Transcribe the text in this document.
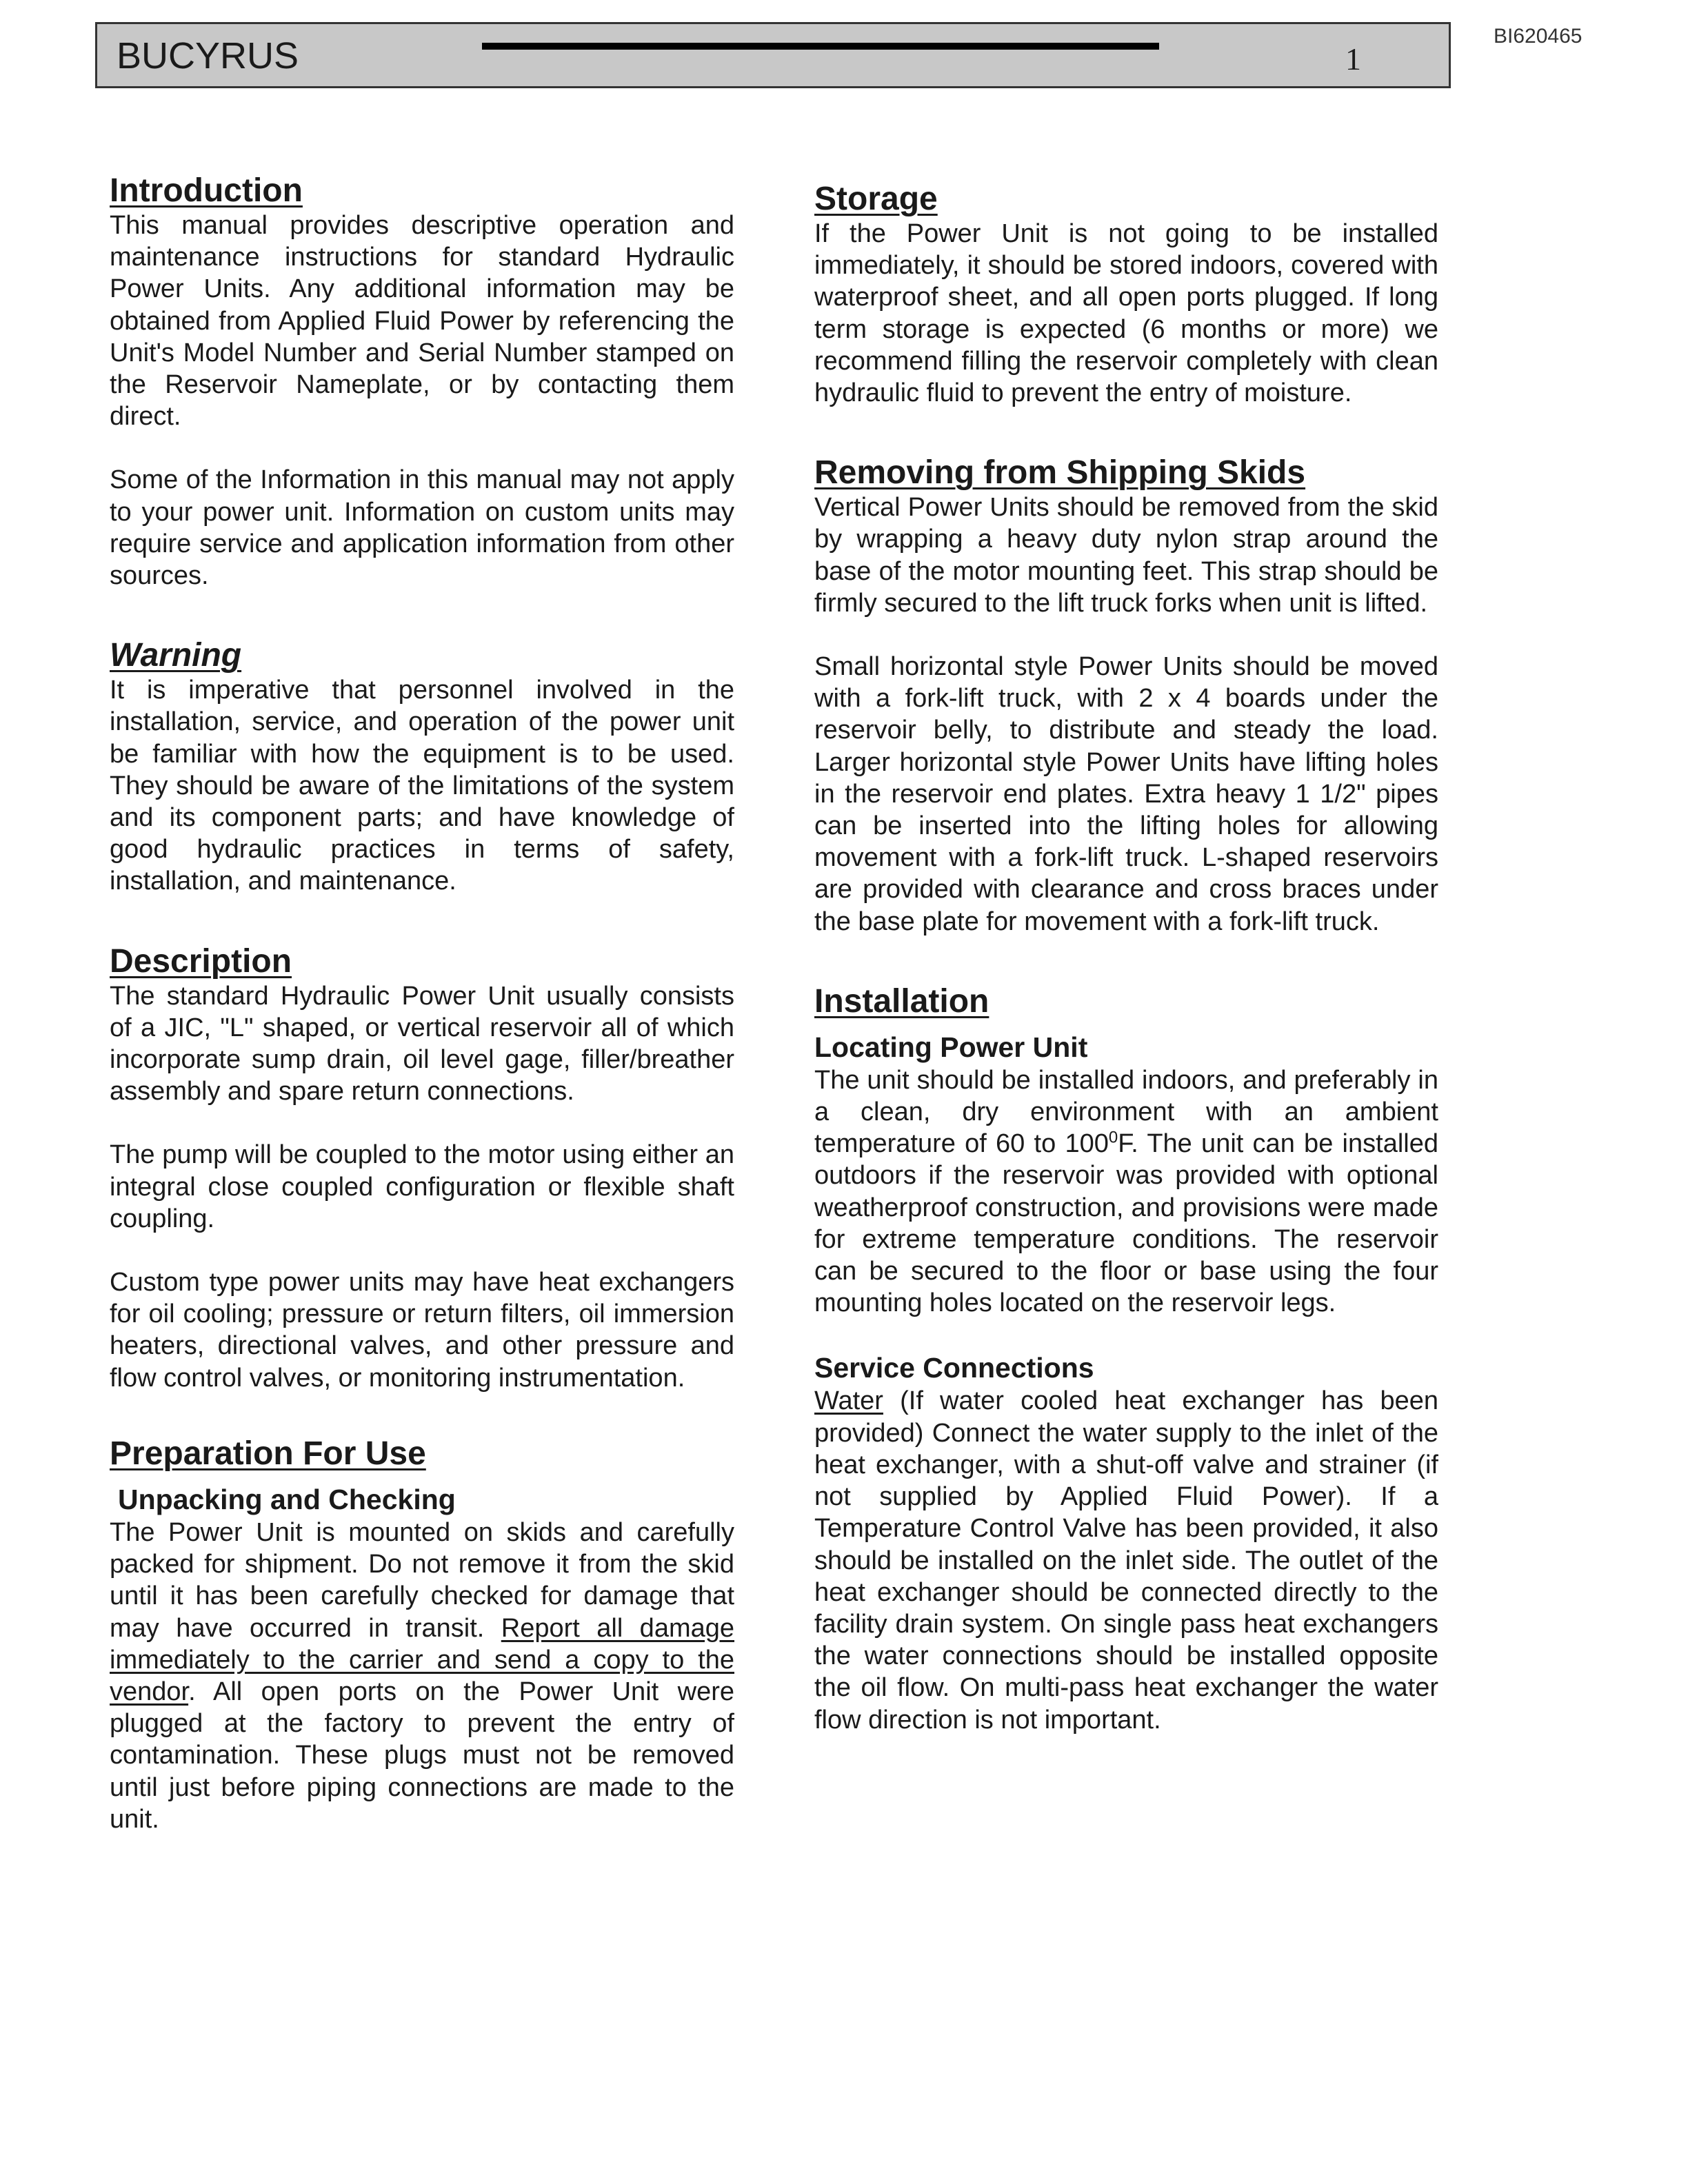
BUCYRUS	1
BI620465
Introduction

This manual provides descriptive operation and maintenance instructions for standard Hydraulic Power Units. Any additional information may be obtained from Applied Fluid Power by referencing the Unit's Model Number and Serial Number stamped on the Reservoir Nameplate, or by contacting them direct.

Some of the Information in this manual may not apply to your power unit. Information on custom units may require service and application information from other sources.

Warning

It is imperative that personnel involved in the installation, service, and operation of the power unit be familiar with how the equipment is to be used. They should be aware of the limitations of the system and its component parts; and have knowledge of good hydraulic practices in terms of safety, installation, and maintenance.

Description

The standard Hydraulic Power Unit usually consists of a JIC, "L" shaped, or vertical reservoir all of which incorporate sump drain, oil level gage, filler/breather assembly and spare return connections.

The pump will be coupled to the motor using either an integral close coupled configuration or flexible shaft coupling.

Custom type power units may have heat exchangers for oil cooling; pressure or return filters, oil immersion heaters, directional valves, and other pressure and flow control valves, or monitoring instrumentation.

Preparation For Use
Unpacking and Checking

The Power Unit is mounted on skids and carefully packed for shipment. Do not remove it from the skid until it has been carefully checked for damage that may have occurred in transit. Report all damage immediately to the carrier and send a copy to the vendor. All open ports on the Power Unit were plugged at the factory to prevent the entry of contamination. These plugs must not be removed until just before piping connections are made to the unit.

Storage

If the Power Unit is not going to be installed immediately, it should be stored indoors, covered with waterproof sheet, and all open ports plugged. If long term storage is expected (6 months or more) we recommend filling the reservoir completely with clean hydraulic fluid to prevent the entry of moisture.

Removing from Shipping Skids

Vertical Power Units should be removed from the skid by wrapping a heavy duty nylon strap around the base of the motor mounting feet. This strap should be firmly secured to the lift truck forks when unit is lifted.

Small horizontal style Power Units should be moved with a fork-lift truck, with 2 x 4 boards under the reservoir belly, to distribute and steady the load. Larger horizontal style Power Units have lifting holes in the reservoir end plates. Extra heavy 1 1/2" pipes can be inserted into the lifting holes for allowing movement with a fork-lift truck. L-shaped reservoirs are provided with clearance and cross braces under the base plate for movement with a fork-lift truck.

Installation
Locating Power Unit

The unit should be installed indoors, and preferably in a clean, dry environment with an ambient temperature of 60 to $100^0F$. The unit can be installed outdoors if the reservoir was provided with optional weatherproof construction, and provisions were made for extreme temperature conditions. The reservoir can be secured to the floor or base using the four mounting holes located on the reservoir legs.

Service Connections

Water (If water cooled heat exchanger has been provided) Connect the water supply to the inlet of the heat exchanger, with a shut-off valve and strainer (if not supplied by Applied Fluid Power). If a Temperature Control Valve has been provided, it also should be installed on the inlet side. The outlet of the heat exchanger should be connected directly to the facility drain system. On single pass heat exchangers the water connections should be installed opposite the oil flow. On multi-pass heat exchanger the water flow direction is not important.
